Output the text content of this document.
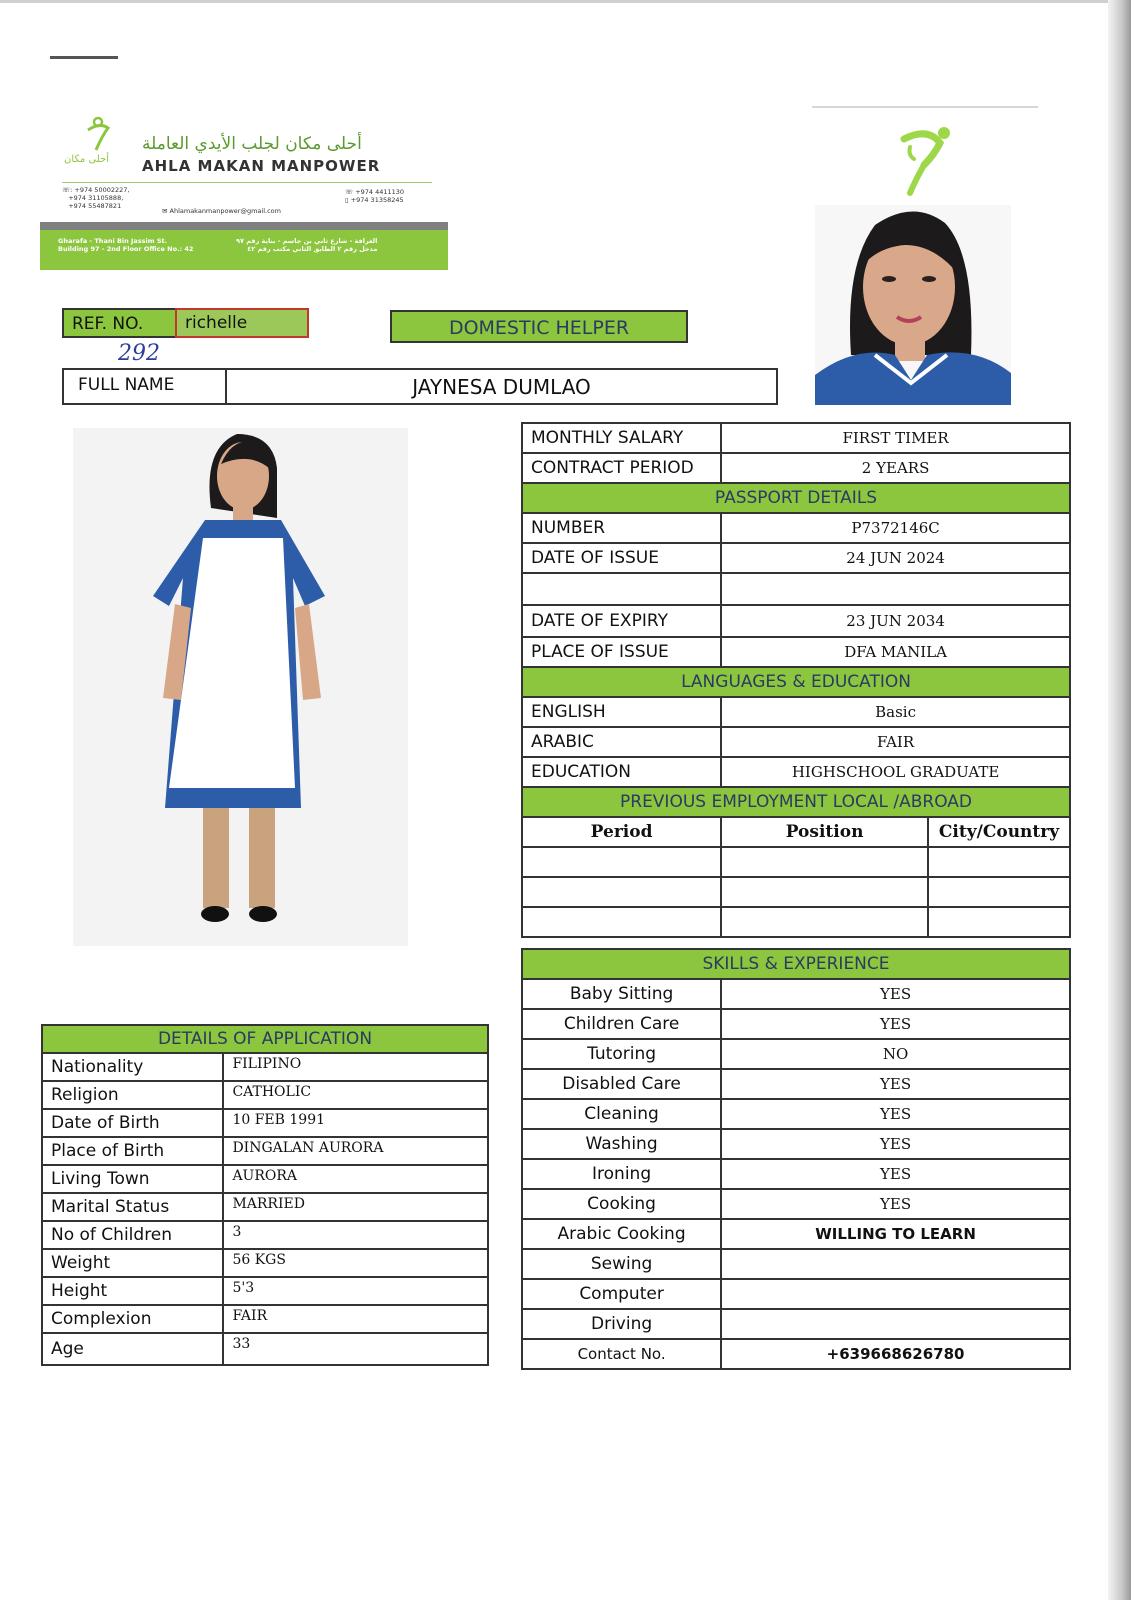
أحلى مكان
أحلى مكان لجلب الأيدي العاملة
AHLA MAKAN MANPOWER
☏: +974 50002227,
+974 31105888,
+974 55487821
☏ +974 4411130
▯ +974 31358245
✉ Ahlamakanmanpower@gmail.com
Gharafa - Thani Bin Jassim St.
Building 97 - 2nd Floor Office No.: 42
الغرافة - شارع ثاني بن جاسم - بناية رقم ٩٧
مدخل رقم ٢ الطابق الثاني مكتب رقم ٤٢
REF. NO.	richelle
292
DOMESTIC HELPER
FULL NAME	JAYNESA DUMLAO
MONTHLY SALARY	FIRST TIMER	
CONTRACT PERIOD	2 YEARS	
PASSPORT DETAILS		
NUMBER	P7372146C	
DATE OF ISSUE	24 JUN 2024	

DATE OF EXPIRY	23 JUN 2034	
PLACE OF ISSUE	DFA MANILA	
LANGUAGES & EDUCATION		
ENGLISH	Basic	
ARABIC	FAIR	
EDUCATION	HIGHSCHOOL GRADUATE	
PREVIOUS EMPLOYMENT LOCAL /ABROAD		
Period	Position	City/Country

SKILLS & EXPERIENCE		
Baby Sitting	YES	
Children Care	YES	
Tutoring	NO	
Disabled Care	YES	
Cleaning	YES	
Washing	YES	
Ironing	YES	
Cooking	YES	
Arabic Cooking	WILLING TO LEARN	
Sewing		
Computer		
Driving		
Contact No.	+639668626780	
DETAILS OF APPLICATION	
Nationality	FILIPINO
Religion	CATHOLIC
Date of Birth	10 FEB 1991
Place of Birth	DINGALAN AURORA
Living Town	AURORA
Marital Status	MARRIED
No of Children	3
Weight	56 KGS
Height	5'3
Complexion	FAIR
Age	33
